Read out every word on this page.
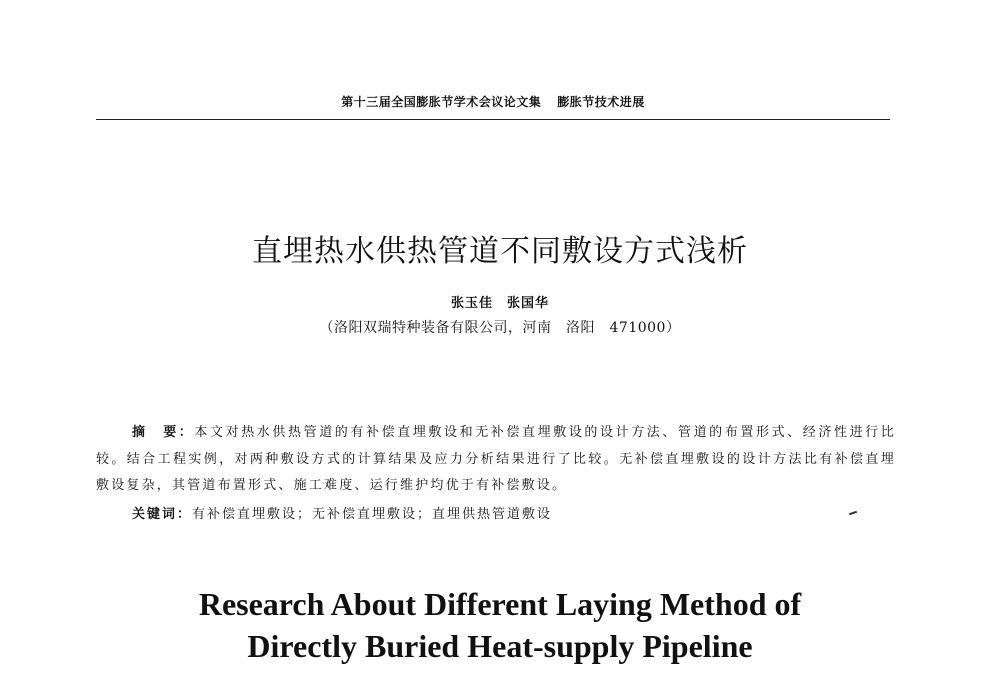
第十三届全国膨胀节学术会议论文集 膨胀节技术进展
直埋热水供热管道不同敷设方式浅析
张玉佳 张国华
（洛阳双瑞特种装备有限公司，河南　洛阳　471000）
摘　要：本文对热水供热管道的有补偿直埋敷设和无补偿直埋敷设的设计方法、管道的布置形式、经济性进行比较。结合工程实例，对两种敷设方式的计算结果及应力分析结果进行了比较。无补偿直埋敷设的设计方法比有补偿直埋敷设复杂，其管道布置形式、施工难度、运行维护均优于有补偿敷设。
关键词：有补偿直埋敷设；无补偿直埋敷设；直埋供热管道敷设
Research About Different Laying Method of
Directly Buried Heat-supply Pipeline
